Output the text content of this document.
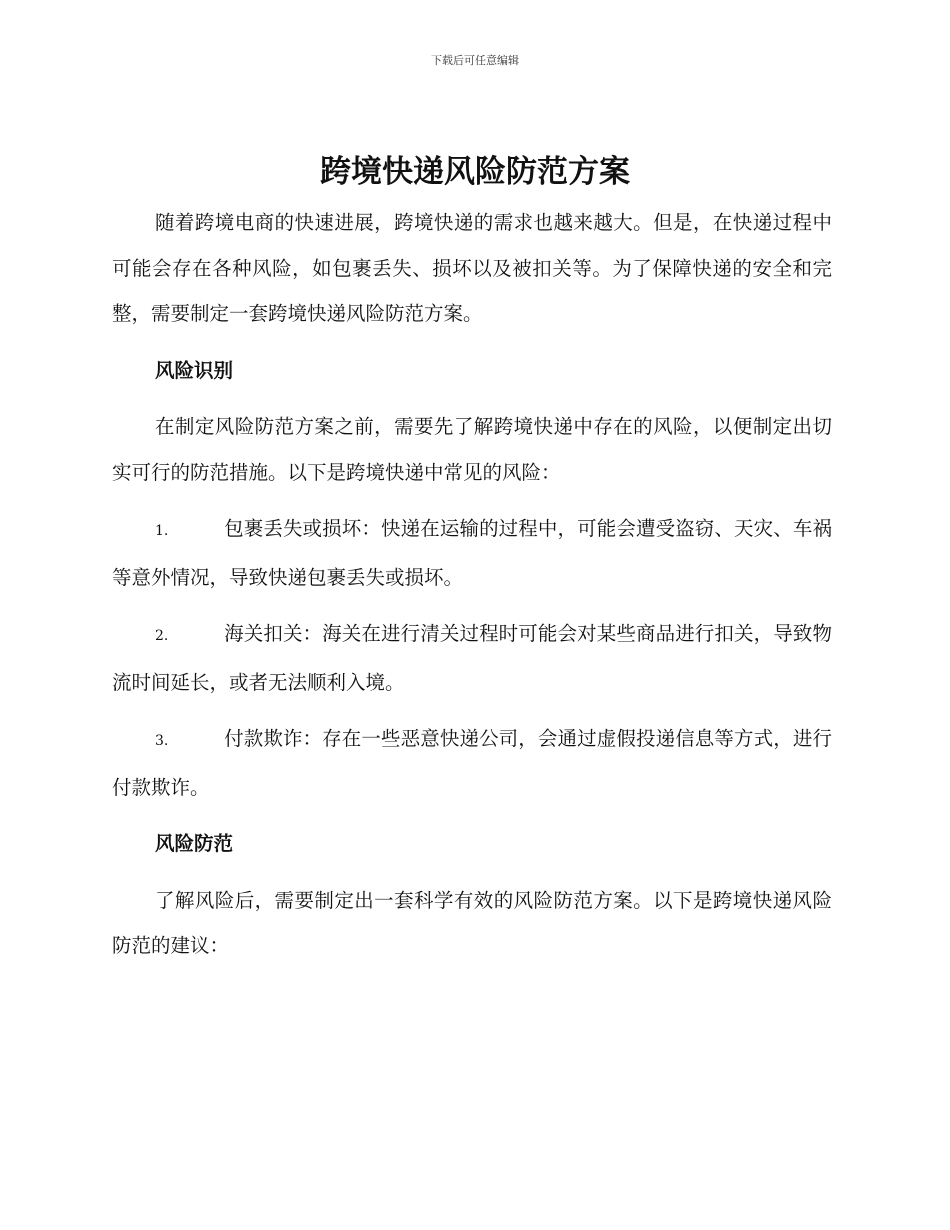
下载后可任意编辑
跨境快递风险防范方案

随着跨境电商的快速进展，跨境快递的需求也越来越大。但是，在快递过程中可能会存在各种风险，如包裹丢失、损坏以及被扣关等。为了保障快递的安全和完整，需要制定一套跨境快递风险防范方案。

风险识别

在制定风险防范方案之前，需要先了解跨境快递中存在的风险，以便制定出切实可行的防范措施。以下是跨境快递中常见的风险：

1.	包裹丢失或损坏：快递在运输的过程中，可能会遭受盗窃、天灾、车祸等意外情况，导致快递包裹丢失或损坏。

2.	海关扣关：海关在进行清关过程时可能会对某些商品进行扣关，导致物流时间延长，或者无法顺利入境。

3.	付款欺诈：存在一些恶意快递公司，会通过虚假投递信息等方式，进行付款欺诈。

风险防范

了解风险后，需要制定出一套科学有效的风险防范方案。以下是跨境快递风险防范的建议：
